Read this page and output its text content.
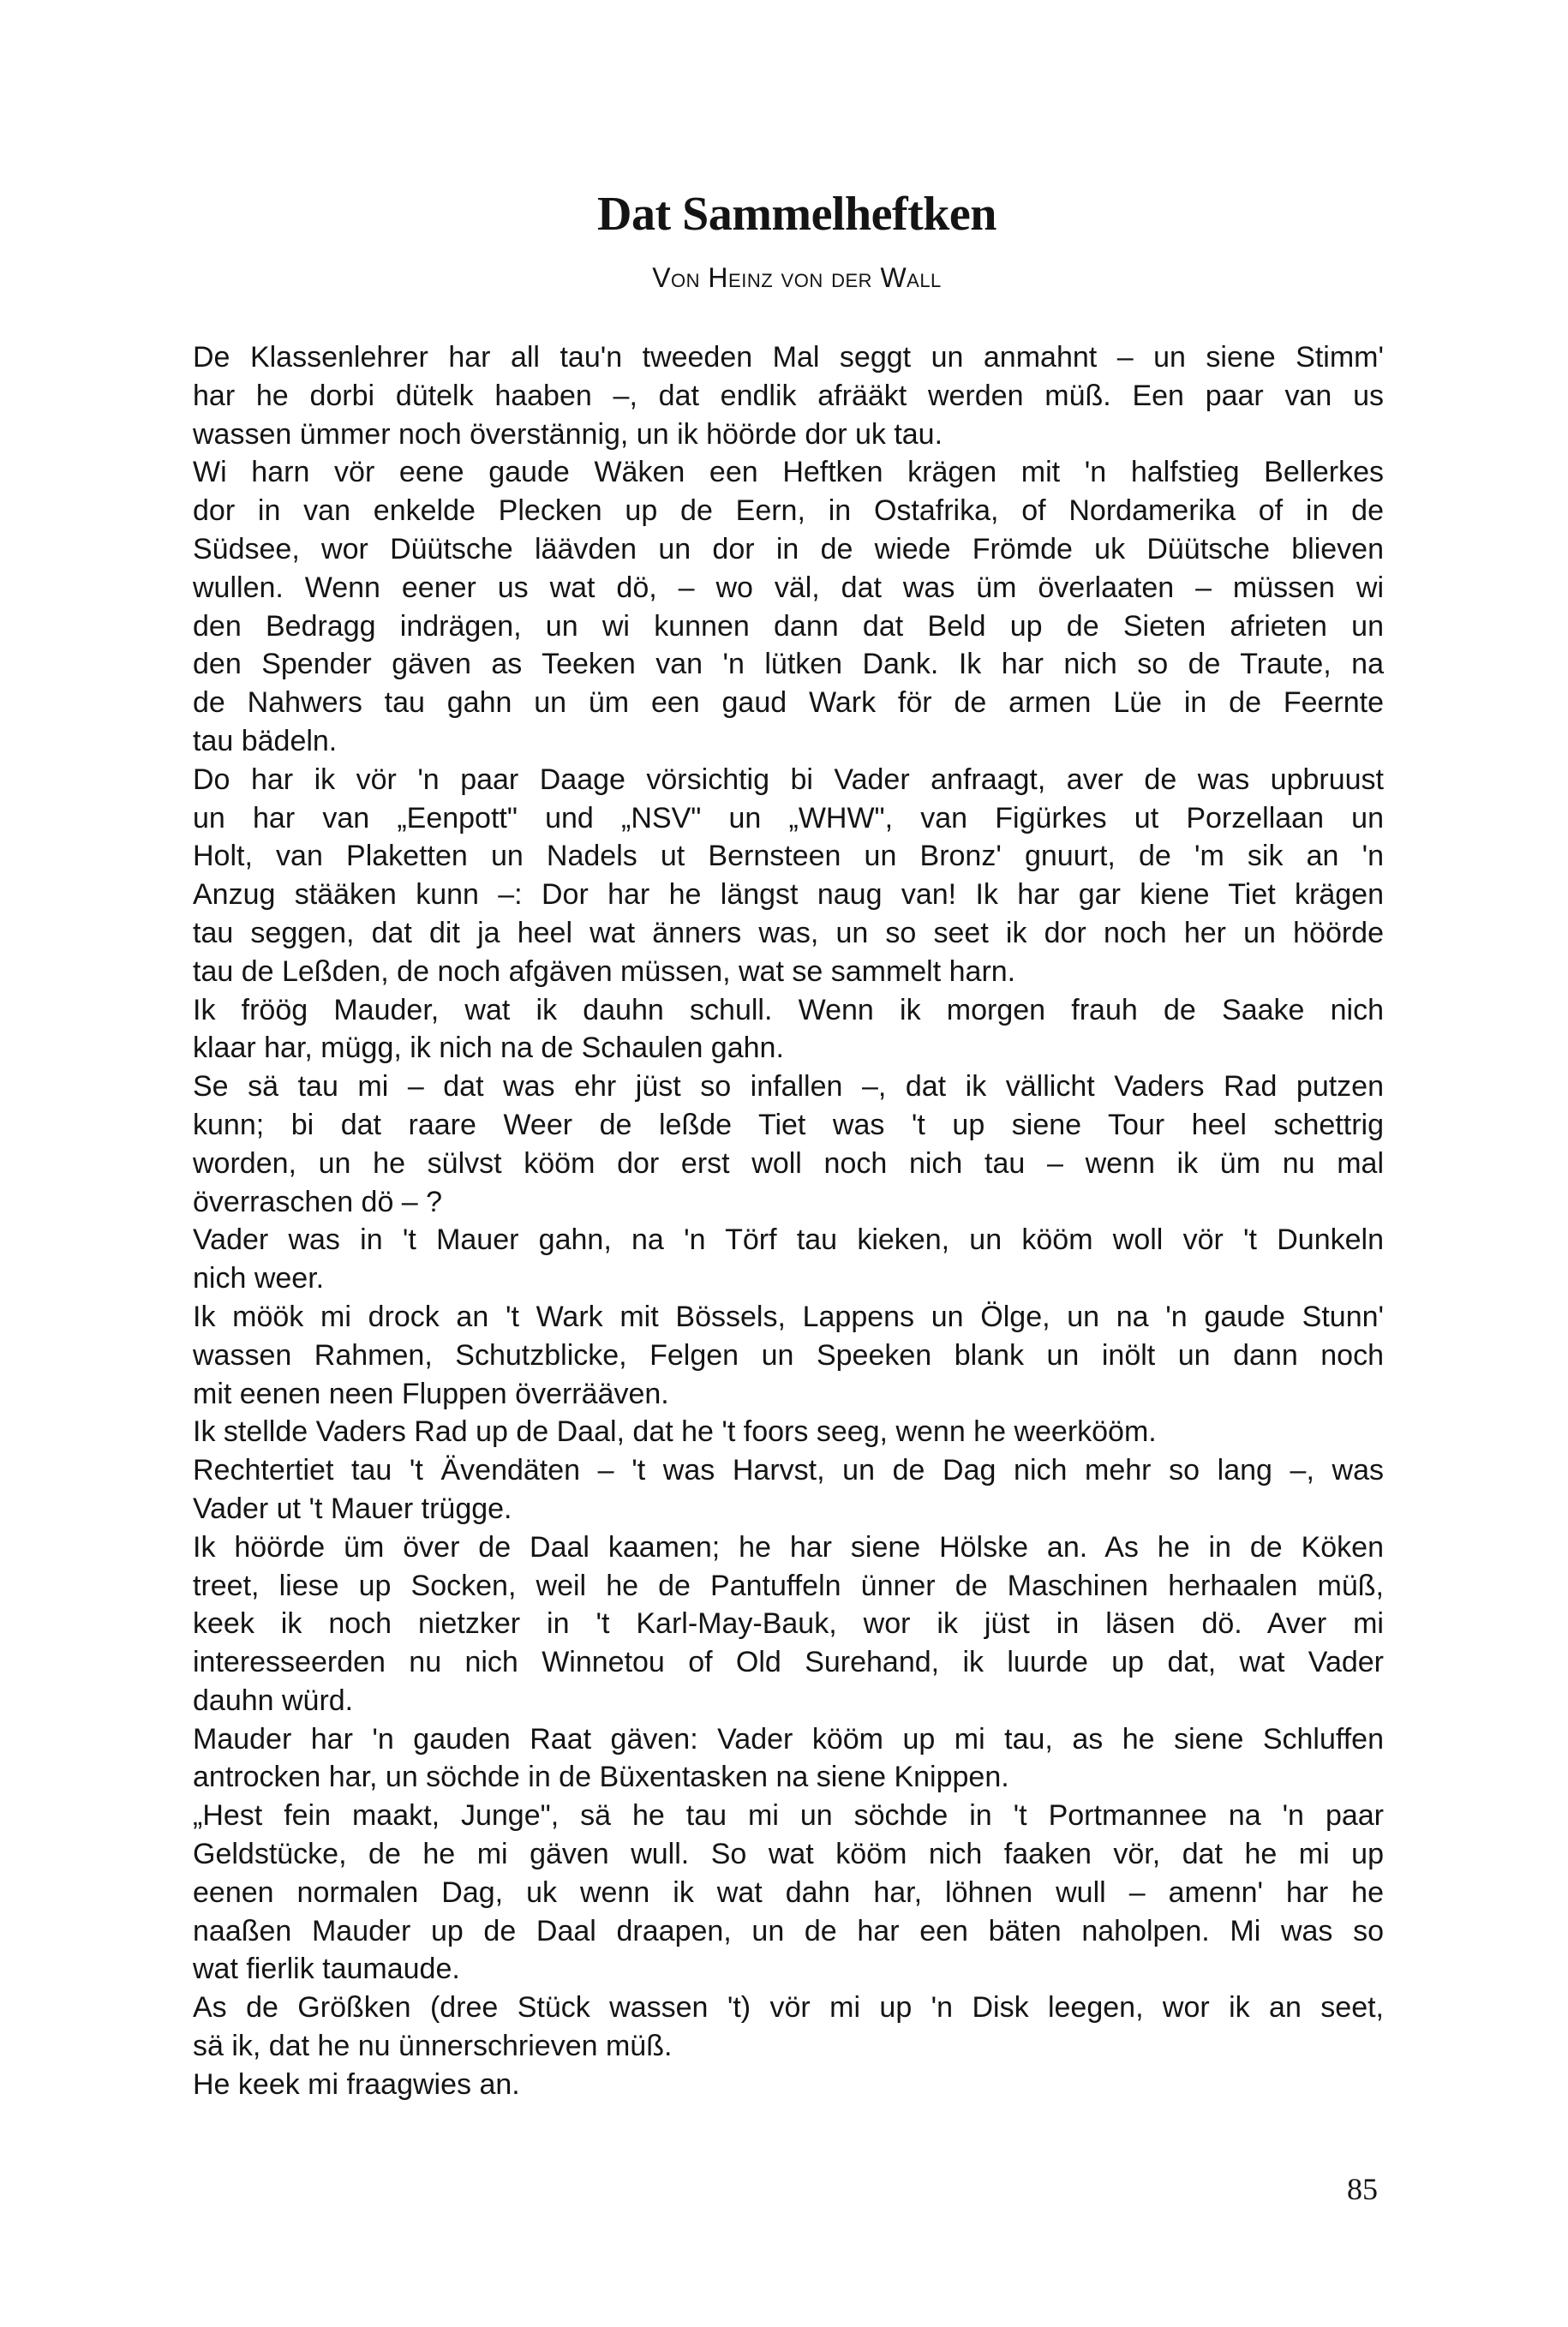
Dat Sammelheftken
Von Heinz von der Wall
De Klassenlehrer har all tau'n tweeden Mal seggt un anmahnt – un siene Stimm'
har he dorbi dütelk haaben –, dat endlik afrääkt werden müß. Een paar van us
wassen ümmer noch överstännig, un ik höörde dor uk tau.
Wi harn vör eene gaude Wäken een Heftken krägen mit 'n halfstieg Bellerkes
dor in van enkelde Plecken up de Eern, in Ostafrika, of Nordamerika of in de
Südsee, wor Düütsche läävden un dor in de wiede Frömde uk Düütsche blieven
wullen. Wenn eener us wat dö, – wo väl, dat was üm överlaaten – müssen wi
den Bedragg indrägen, un wi kunnen dann dat Beld up de Sieten afrieten un
den Spender gäven as Teeken van 'n lütken Dank. Ik har nich so de Traute, na
de Nahwers tau gahn un üm een gaud Wark för de armen Lüe in de Feernte
tau bädeln.
Do har ik vör 'n paar Daage vörsichtig bi Vader anfraagt, aver de was upbruust
un har van „Eenpott" und „NSV" un „WHW", van Figürkes ut Porzellaan un
Holt, van Plaketten un Nadels ut Bernsteen un Bronz' gnuurt, de 'm sik an 'n
Anzug stääken kunn –: Dor har he längst naug van! Ik har gar kiene Tiet krägen
tau seggen, dat dit ja heel wat änners was, un so seet ik dor noch her un höörde
tau de Leßden, de noch afgäven müssen, wat se sammelt harn.
Ik fröög Mauder, wat ik dauhn schull. Wenn ik morgen frauh de Saake nich
klaar har, mügg, ik nich na de Schaulen gahn.
Se sä tau mi – dat was ehr jüst so infallen –, dat ik vällicht Vaders Rad putzen
kunn; bi dat raare Weer de leßde Tiet was 't up siene Tour heel schettrig
worden, un he sülvst kööm dor erst woll noch nich tau – wenn ik üm nu mal
överraschen dö – ?
Vader was in 't Mauer gahn, na 'n Törf tau kieken, un kööm woll vör 't Dunkeln
nich weer.
Ik möök mi drock an 't Wark mit Bössels, Lappens un Ölge, un na 'n gaude Stunn'
wassen Rahmen, Schutzblicke, Felgen un Speeken blank un inölt un dann noch
mit eenen neen Fluppen överrääven.
Ik stellde Vaders Rad up de Daal, dat he 't foors seeg, wenn he weerkööm.
Rechtertiet tau 't Ävendäten – 't was Harvst, un de Dag nich mehr so lang –, was
Vader ut 't Mauer trügge.
Ik höörde üm över de Daal kaamen; he har siene Hölske an. As he in de Köken
treet, liese up Socken, weil he de Pantuffeln ünner de Maschinen herhaalen müß,
keek ik noch nietzker in 't Karl-May-Bauk, wor ik jüst in läsen dö. Aver mi
interesseerden nu nich Winnetou of Old Surehand, ik luurde up dat, wat Vader
dauhn würd.
Mauder har 'n gauden Raat gäven: Vader kööm up mi tau, as he siene Schluffen
antrocken har, un söchde in de Büxentasken na siene Knippen.
„Hest fein maakt, Junge", sä he tau mi un söchde in 't Portmannee na 'n paar
Geldstücke, de he mi gäven wull. So wat kööm nich faaken vör, dat he mi up
eenen normalen Dag, uk wenn ik wat dahn har, löhnen wull – amenn' har he
naaßen Mauder up de Daal draapen, un de har een bäten naholpen. Mi was so
wat fierlik taumaude.
As de Größken (dree Stück wassen 't) vör mi up 'n Disk leegen, wor ik an seet,
sä ik, dat he nu ünnerschrieven müß.
He keek mi fraagwies an.
85
